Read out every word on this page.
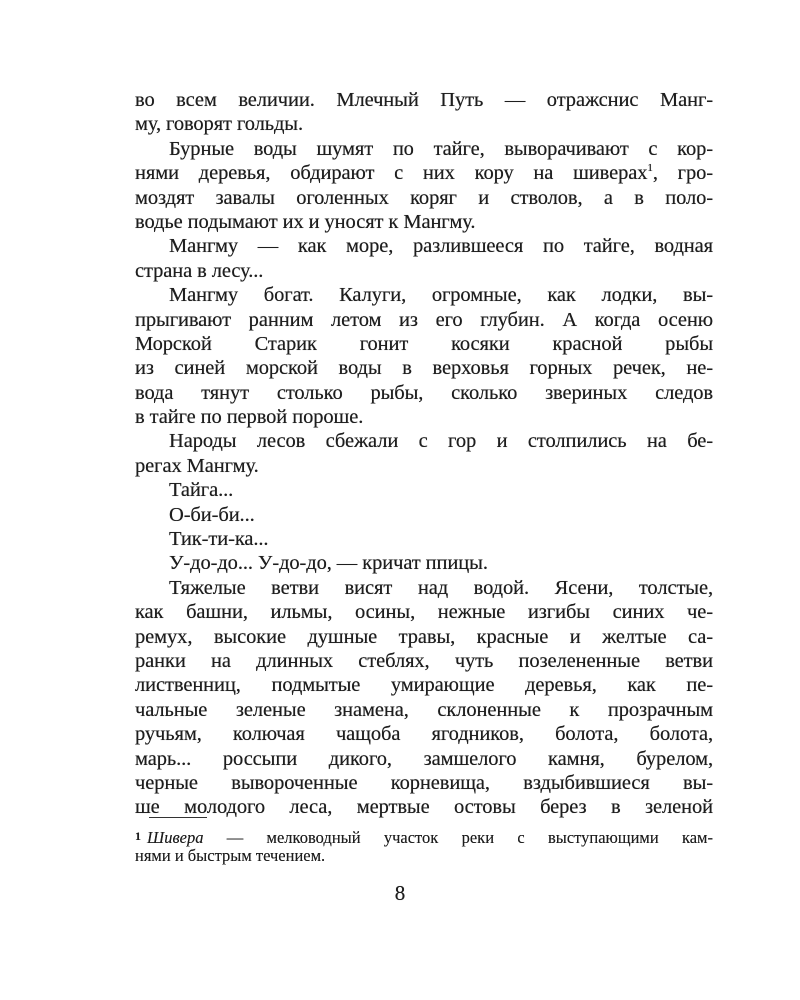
во всем величии. Млечный Путь — отражснис Манг-
му, говорят гольды.
Бурные воды шумят по тайге, выворачивают с кор-
нями деревья, обдирают с них кору на шиверах$^1$, гро-
моздят завалы оголенных коряг и стволов, а в поло-
водье подымают их и уносят к Мангму.
Мангму — как море, разлившееся по тайге, водная
страна в лесу...
Мангму богат. Калуги, огромные, как лодки, вы-
прыгивают ранним летом из его глубин. А когда осеню
Морской Старик гонит косяки красной рыбы
из синей морской воды в верховья горных речек, не-
вода тянут столько рыбы, сколько звериных следов
в тайге по первой пороше.
Народы лесов сбежали с гор и столпились на бе-
регах Мангму.
Тайга...
О-би-би...
Тик-ти-ка...
У-до-до... У-до-до, — кричат ппицы.
Тяжелые ветви висят над водой. Ясени, толстые,
как башни, ильмы, осины, нежные изгибы синих че-
ремух, высокие душные травы, красные и желтые са-
ранки на длинных стеблях, чуть позелененные ветви
лиственниц, подмытые умирающие деревья, как пе-
чальные зеленые знамена, склоненные к прозрачным
ручьям, колючая чащоба ягодников, болота, болота,
марь... россыпи дикого, замшелого камня, бурелом,
черные вывороченные корневища, вздыбившиеся вы-
ше молодого леса, мертвые остовы берез в зеленой
1 Шивера — мелководный участок реки с выступающими кам-
нями и быстрым течением.
8
